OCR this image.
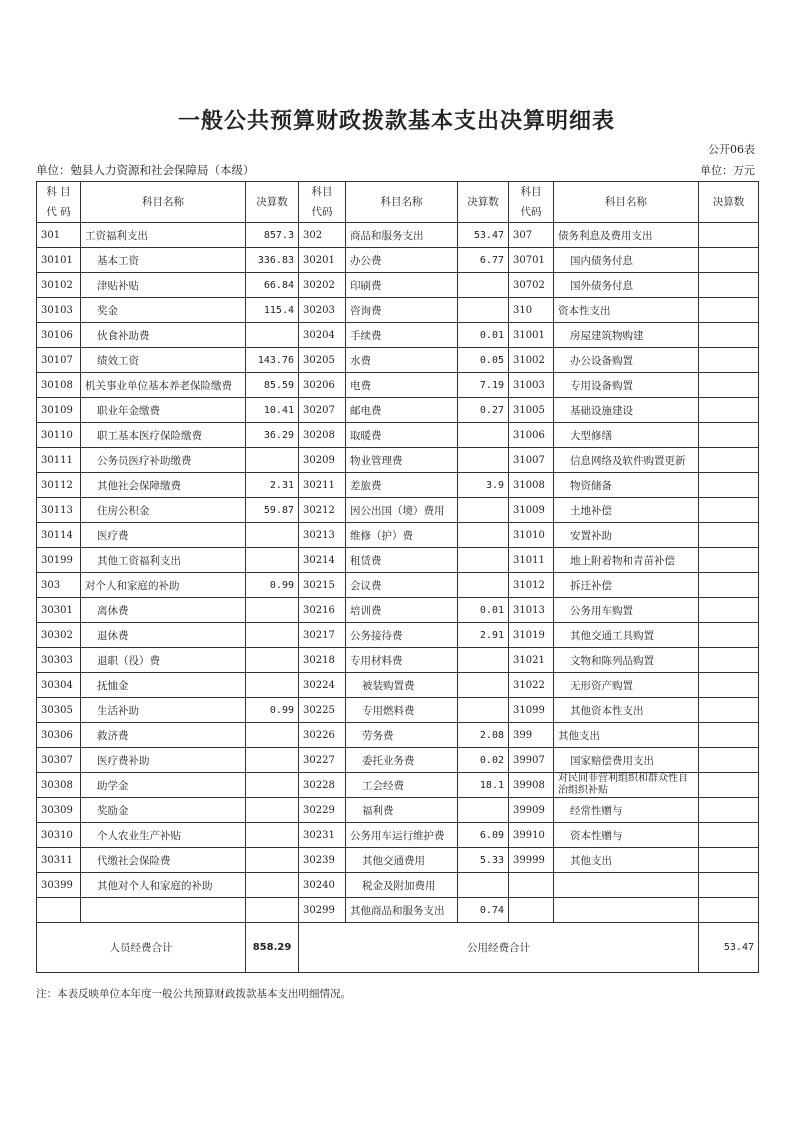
一般公共预算财政拨款基本支出决算明细表
公开06表
单位：勉县人力资源和社会保障局（本级）	单位：万元
科 目
代 码	科目名称	决算数	科目
代码	科目名称	决算数	科目
代码	科目名称	决算数
301	工资福利支出	857.3	302	商品和服务支出	53.47	307	债务利息及费用支出	
30101	基本工资	336.83	30201	办公费	6.77	30701	国内债务付息	
30102	津贴补贴	66.84	30202	印刷费		30702	国外债务付息	
30103	奖金	115.4	30203	咨询费		310	资本性支出	
30106	伙食补助费		30204	手续费	0.01	31001	房屋建筑物购建	
30107	绩效工资	143.76	30205	水费	0.05	31002	办公设备购置	
30108	机关事业单位基本养老保险缴费	85.59	30206	电费	7.19	31003	专用设备购置	
30109	职业年金缴费	10.41	30207	邮电费	0.27	31005	基础设施建设	
30110	职工基本医疗保险缴费	36.29	30208	取暖费		31006	大型修缮	
30111	公务员医疗补助缴费		30209	物业管理费		31007	信息网络及软件购置更新	
30112	其他社会保障缴费	2.31	30211	差旅费	3.9	31008	物资储备	
30113	住房公积金	59.87	30212	因公出国（境）费用		31009	土地补偿	
30114	医疗费		30213	维修（护）费		31010	安置补助	
30199	其他工资福利支出		30214	租赁费		31011	地上附着物和青苗补偿	
303	对个人和家庭的补助	0.99	30215	会议费		31012	拆迁补偿	
30301	离休费		30216	培训费	0.01	31013	公务用车购置	
30302	退休费		30217	公务接待费	2.91	31019	其他交通工具购置	
30303	退职（役）费		30218	专用材料费		31021	文物和陈列品购置	
30304	抚恤金		30224	被装购置费		31022	无形资产购置	
30305	生活补助	0.99	30225	专用燃料费		31099	其他资本性支出	
30306	救济费		30226	劳务费	2.08	399	其他支出	
30307	医疗费补助		30227	委托业务费	0.02	39907	国家赔偿费用支出	
30308	助学金		30228	工会经费	18.1	39908	对民间非营利组织和群众性自治组织补贴	
30309	奖励金		30229	福利费		39909	经常性赠与	
30310	个人农业生产补贴		30231	公务用车运行维护费	6.09	39910	资本性赠与	
30311	代缴社会保险费		30239	其他交通费用	5.33	39999	其他支出	
30399	其他对个人和家庭的补助		30240	税金及附加费用				
			30299	其他商品和服务支出	0.74			
人员经费合计		858.29	公用经费合计					53.47
注：本表反映单位本年度一般公共预算财政拨款基本支出明细情况。
